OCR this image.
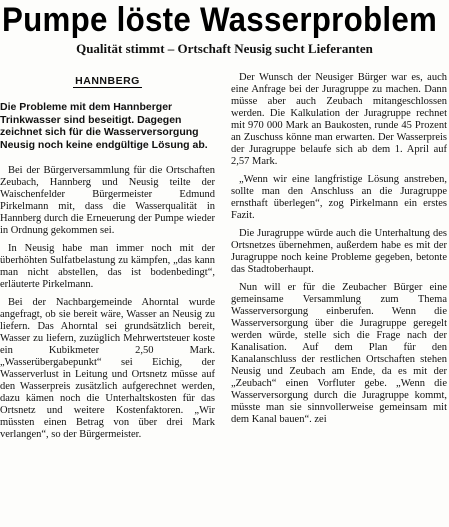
Pumpe löste Wasserproblem
Qualität stimmt – Ortschaft Neusig sucht Lieferanten
HANNBERG
Die Probleme mit dem Hannberger Trinkwasser sind beseitigt. Dagegen zeichnet sich für die Wasserversorgung Neusig noch keine endgültige Lösung ab.

Bei der Bürgerversammlung für die Ortschaften Zeubach, Hannberg und Neusig teilte der Waischenfelder Bürgermeister Edmund Pirkelmann mit, dass die Wasserqualität in Hannberg durch die Erneuerung der Pumpe wieder in Ordnung gekommen sei.

In Neusig habe man immer noch mit der überhöhten Sulfatbelastung zu kämpfen, „das kann man nicht abstellen, das ist bodenbedingt“, erläuterte Pirkelmann.

Bei der Nachbargemeinde Ahorntal wurde angefragt, ob sie bereit wäre, Wasser an Neusig zu liefern. Das Ahorntal sei grundsätzlich bereit, Wasser zu liefern, zuzüglich Mehrwertsteuer koste ein Kubikmeter 2,50 Mark. „Wasserübergabepunkt“ sei Eichig, der Wasserverlust in Leitung und Ortsnetz müsse auf den Wasserpreis zusätzlich aufgerechnet werden, dazu kämen noch die Unterhaltskosten für das Ortsnetz und weitere Kostenfaktoren. „Wir müssten einen Betrag von über drei Mark verlangen“, so der Bürgermeister.

Der Wunsch der Neusiger Bürger war es, auch eine Anfrage bei der Juragruppe zu machen. Dann müsse aber auch Zeubach mitangeschlossen werden. Die Kalkulation der Juragruppe rechnet mit 970 000 Mark an Baukosten, runde 45 Prozent an Zuschuss könne man erwarten. Der Wasserpreis der Juragruppe belaufe sich ab dem 1. April auf 2,57 Mark.

„Wenn wir eine langfristige Lösung anstreben, sollte man den Anschluss an die Juragruppe ernsthaft überlegen“, zog Pirkelmann ein erstes Fazit.

Die Juragruppe würde auch die Unterhaltung des Ortsnetzes übernehmen, außerdem habe es mit der Juragruppe noch keine Probleme gegeben, betonte das Stadtoberhaupt.

Nun will er für die Zeubacher Bürger eine gemeinsame Versammlung zum Thema Wasserversorgung einberufen. Wenn die Wasserversorgung über die Juragruppe geregelt werden würde, stelle sich die Frage nach der Kanalisation. Auf dem Plan für den Kanalanschluss der restlichen Ortschaften stehen Neusig und Zeubach am Ende, da es mit der „Zeubach“ einen Vorfluter gebe. „Wenn die Wasserversorgung durch die Juragruppe kommt, müsste man sie sinnvollerweise gemeinsam mit dem Kanal bauen“. zei
